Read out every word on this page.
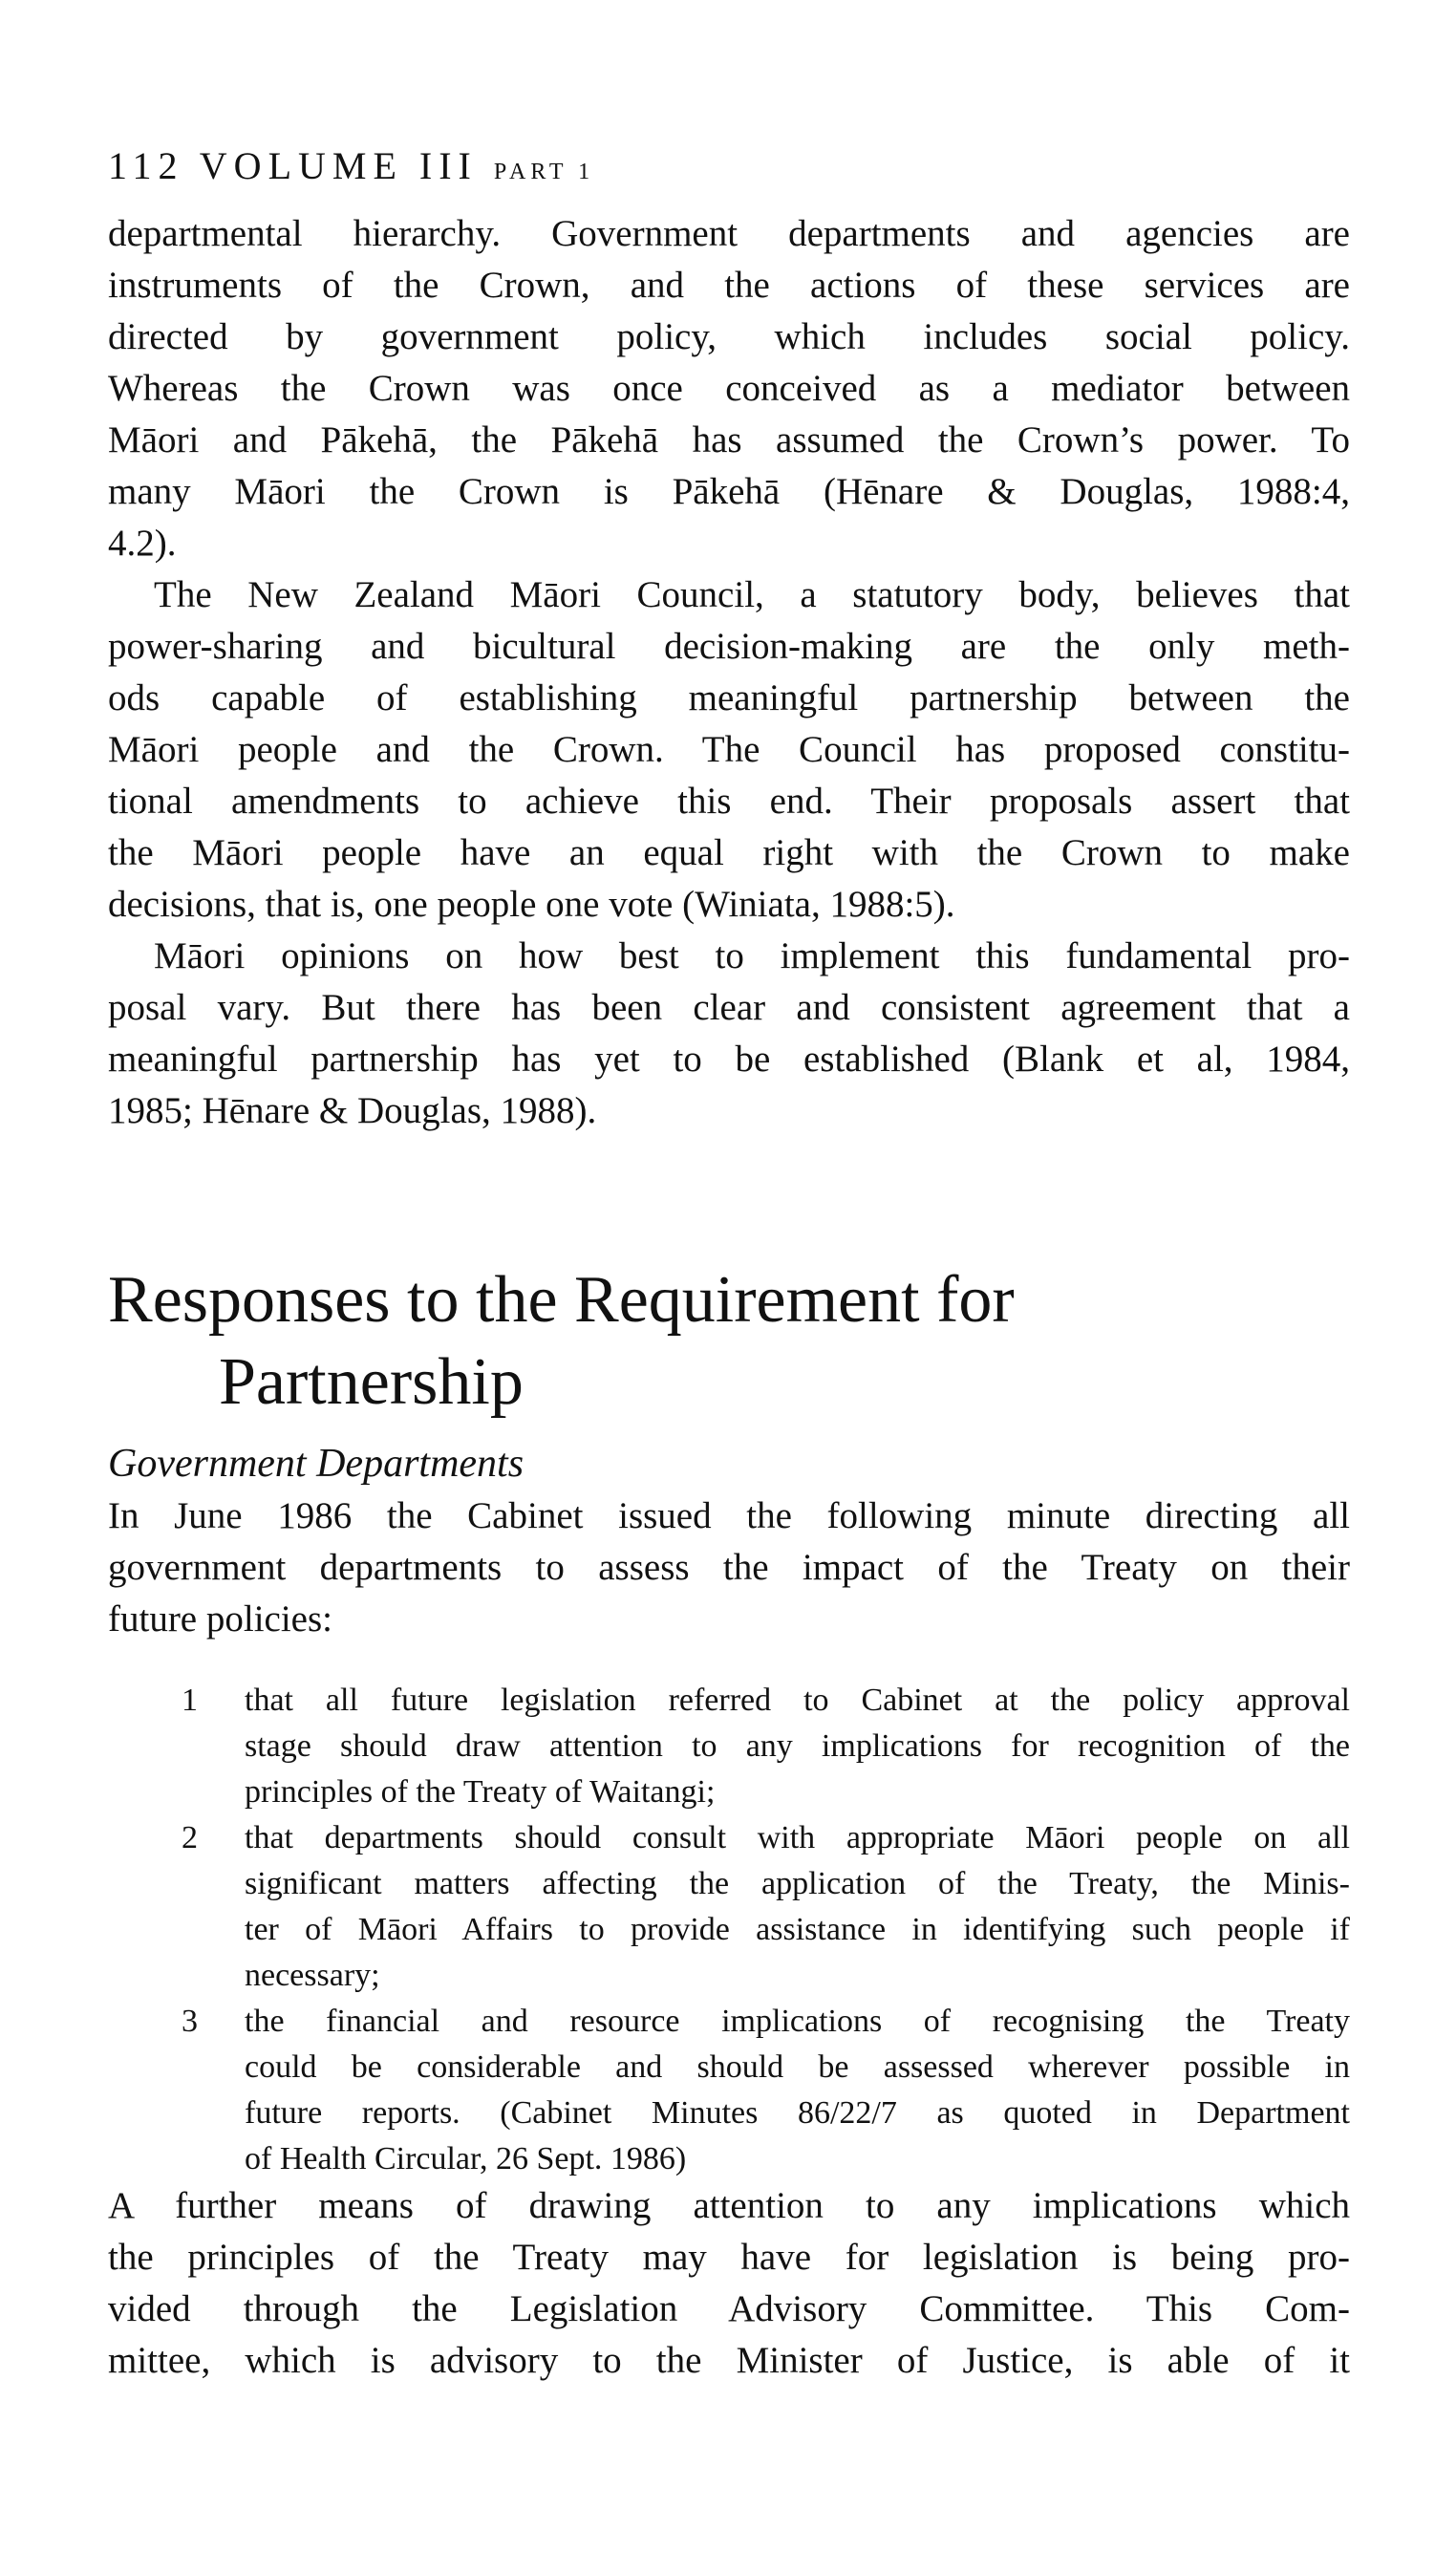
112 VOLUME III PART 1
departmental hierarchy. Government departments and agencies are
instruments of the Crown, and the actions of these services are
directed by government policy, which includes social policy.
Whereas the Crown was once conceived as a mediator between
Māori and Pākehā, the Pākehā has assumed the Crown’s power. To
many Māori the Crown is Pākehā (Hēnare & Douglas, 1988:4,
4.2).
The New Zealand Māori Council, a statutory body, believes that
power-sharing and bicultural decision-making are the only meth-
ods capable of establishing meaningful partnership between the
Māori people and the Crown. The Council has proposed constitu-
tional amendments to achieve this end. Their proposals assert that
the Māori people have an equal right with the Crown to make
decisions, that is, one people one vote (Winiata, 1988:5).
Māori opinions on how best to implement this fundamental pro-
posal vary. But there has been clear and consistent agreement that a
meaningful partnership has yet to be established (Blank et al, 1984,
1985; Hēnare & Douglas, 1988).
Responses to the Requirement for
Partnership
Government Departments
In June 1986 the Cabinet issued the following minute directing all
government departments to assess the impact of the Treaty on their
future policies:
1 that all future legislation referred to Cabinet at the policy approval
stage should draw attention to any implications for recognition of the
principles of the Treaty of Waitangi;
2 that departments should consult with appropriate Māori people on all
significant matters affecting the application of the Treaty, the Minis-
ter of Māori Affairs to provide assistance in identifying such people if
necessary;
3 the financial and resource implications of recognising the Treaty
could be considerable and should be assessed wherever possible in
future reports. (Cabinet Minutes 86/22/7 as quoted in Department
of Health Circular, 26 Sept. 1986)
A further means of drawing attention to any implications which
the principles of the Treaty may have for legislation is being pro-
vided through the Legislation Advisory Committee. This Com-
mittee, which is advisory to the Minister of Justice, is able of it
